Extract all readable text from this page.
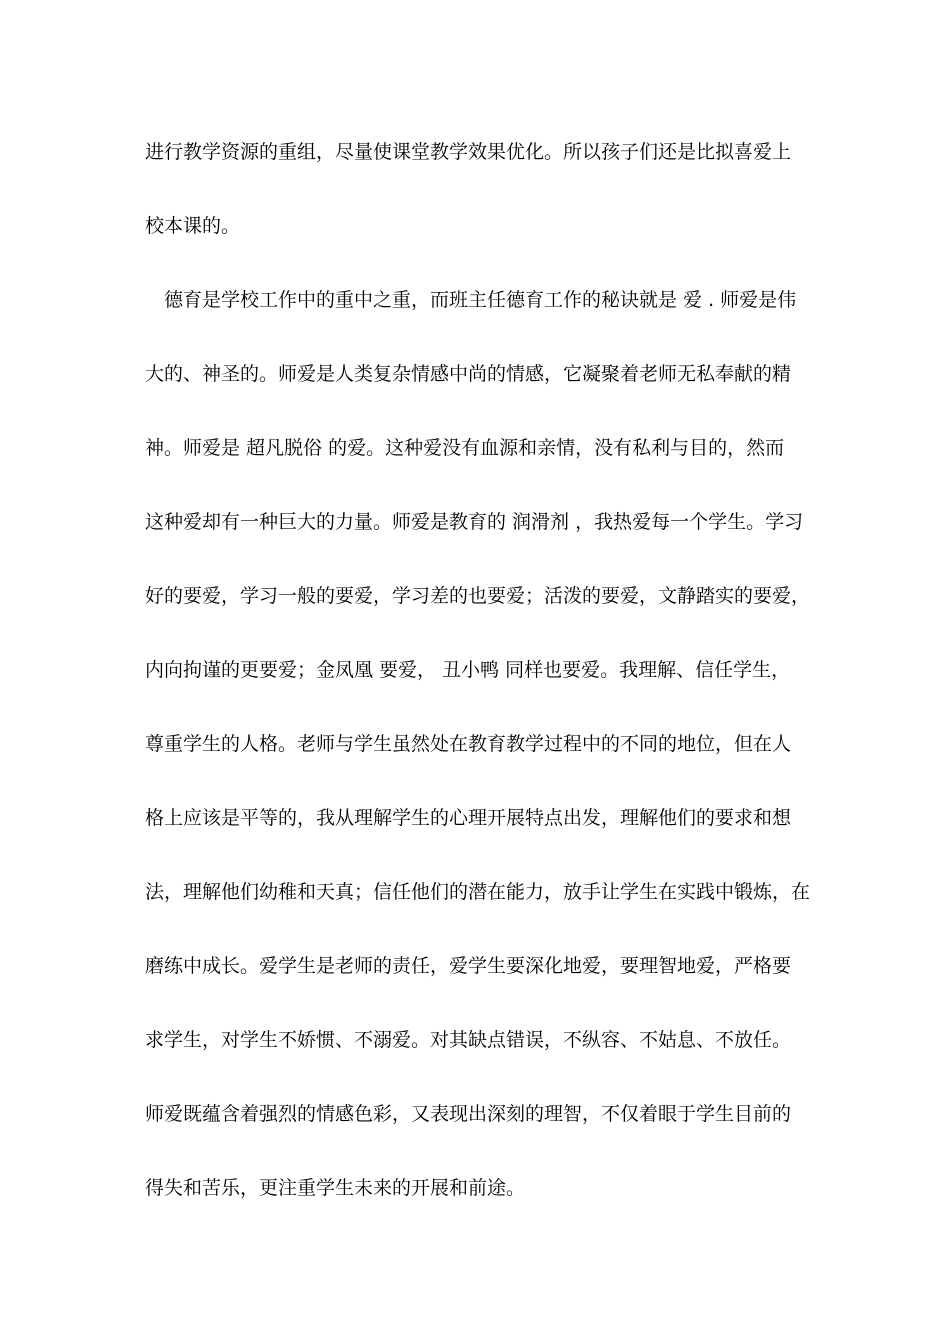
进行教学资源的重组，尽量使课堂教学效果优化。所以孩子们还是比拟喜爱上
校本课的。
德育是学校工作中的重中之重，而班主任德育工作的秘诀就是 爱 . 师爱是伟
大的、神圣的。师爱是人类复杂情感中尚的情感，它凝聚着老师无私奉献的精
神。师爱是 超凡脱俗 的爱。这种爱没有血源和亲情，没有私利与目的，然而
这种爱却有一种巨大的力量。师爱是教育的 润滑剂 ，我热爱每一个学生。学习
好的要爱，学习一般的要爱，学习差的也要爱；活泼的要爱，文静踏实的要爱，
内向拘谨的更要爱；金凤凰 要爱， 丑小鸭 同样也要爱。我理解、信任学生，
尊重学生的人格。老师与学生虽然处在教育教学过程中的不同的地位，但在人
格上应该是平等的，我从理解学生的心理开展特点出发，理解他们的要求和想
法，理解他们幼稚和天真；信任他们的潜在能力，放手让学生在实践中锻炼，在
磨练中成长。爱学生是老师的责任，爱学生要深化地爱，要理智地爱，严格要
求学生，对学生不娇惯、不溺爱。对其缺点错误，不纵容、不姑息、不放任。
师爱既蕴含着强烈的情感色彩，又表现出深刻的理智，不仅着眼于学生目前的
得失和苦乐，更注重学生未来的开展和前途。
